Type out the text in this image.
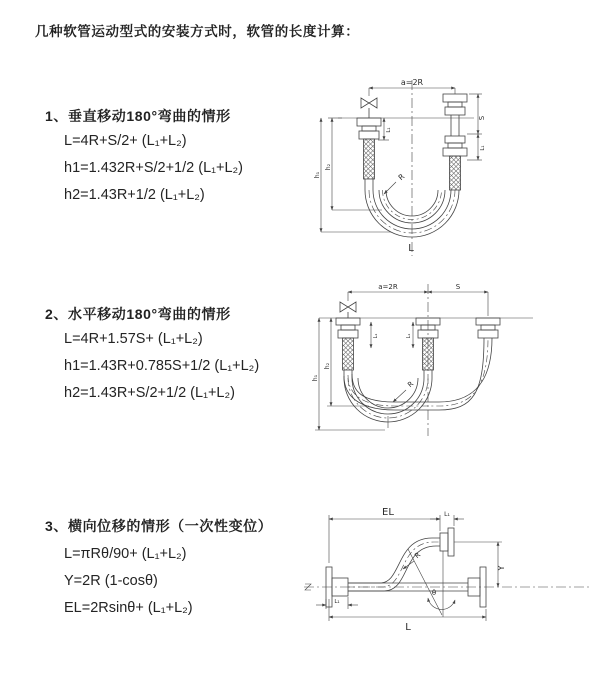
几种软管运动型式的安装方式时，软管的长度计算：
1、垂直移动180°弯曲的情形
L=4R+S/2+ (L₁+L₂)
h1=1.432R+S/2+1/2 (L₁+L₂)
h2=1.43R+1/2 (L₁+L₂)
2、水平移动180°弯曲的情形
L=4R+1.57S+ (L₁+L₂)
h1=1.43R+0.785S+1/2 (L₁+L₂)
h2=1.43R+S/2+1/2 (L₁+L₂)
3、横向位移的情形（一次性变位）
L=πRθ/90+ (L₁+L₂)
Y=2R (1-cosθ)
EL=2Rsinθ+ (L₁+L₂)
a=2R
S
L₁
L₁
h₂
h₁	R
L
a=2R	S
h₂
h₁
L₁	L₁
R
EL	L₁
Y
R
θ
L₁
L
